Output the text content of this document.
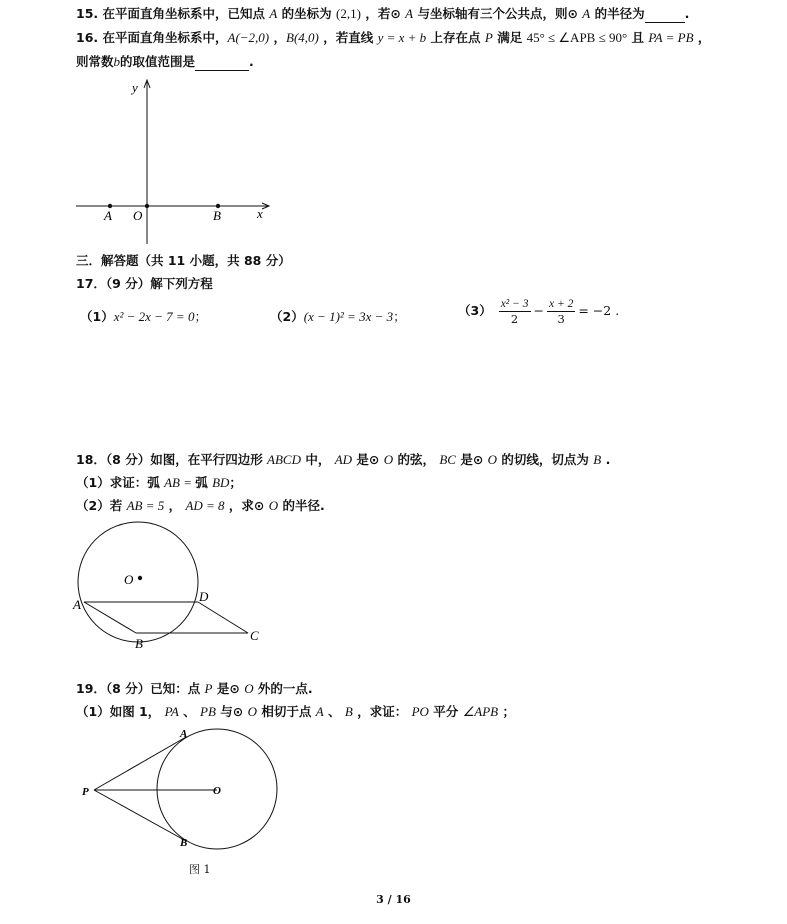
15. 在平面直角坐标系中，已知点 A 的坐标为 (2,1) ，若⊙ A 与坐标轴有三个公共点，则⊙ A 的半径为	.
16. 在平面直角坐标系中，A(−2,0) ，B(4,0) ，若直线 y = x + b 上存在点 P 满足 45° ≤ ∠APB ≤ 90° 且 PA = PB ，
则常数b的取值范围是	.
y
x
A O	B
三．解答题（共 11 小题，共 88 分）
17．（9 分）解下列方程
（1）x² − 2x − 7 = 0；	（2）(x − 1)² = 3x − 3；	$(3) \frac{\text{x² − 3}}{2} - \frac{x + 2}{3} = -2$ .
18．（8 分）如图，在平行四边形 ABCD 中， AD 是⊙ O 的弦， BC 是⊙ O 的切线，切点为 B .
（1）求证：弧 AB = 弧 BD；
（2）若 AB = 5 ， AD = 8 ，求⊙ O 的半径.
O
A
D
B
C
19．（8 分）已知：点 P 是⊙ O 外的一点.
（1）如图 1， PA 、 PB 与⊙ O 相切于点 A 、 B ，求证： PO 平分 ∠APB ；
A
P	O
B
图 1
3 / 16
